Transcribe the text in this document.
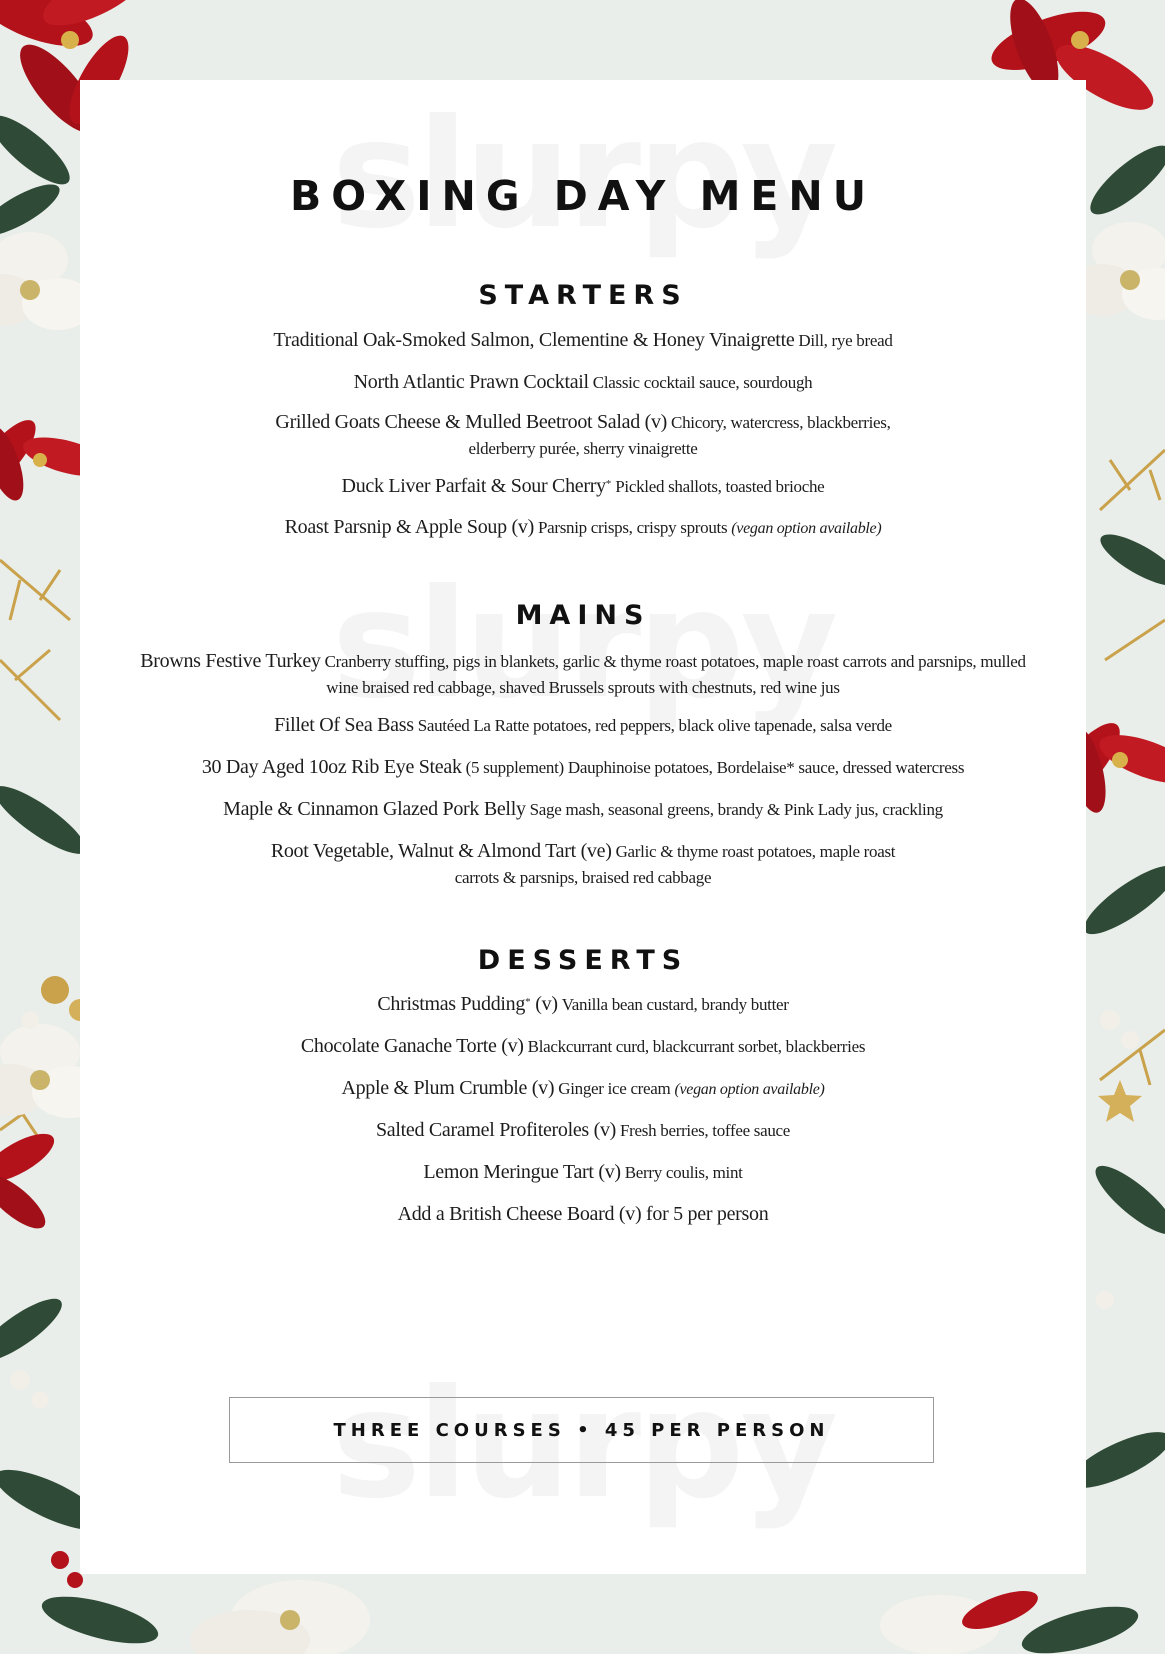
BOXING DAY MENU
STARTERS

Traditional Oak-Smoked Salmon, Clementine & Honey Vinaigrette Dill, rye bread

North Atlantic Prawn Cocktail Classic cocktail sauce, sourdough

Grilled Goats Cheese & Mulled Beetroot Salad (v) Chicory, watercress, blackberries, elderberry purée, sherry vinaigrette

Duck Liver Parfait & Sour Cherry* Pickled shallots, toasted brioche

Roast Parsnip & Apple Soup (v) Parsnip crisps, crispy sprouts (vegan option available)

MAINS

Browns Festive Turkey Cranberry stuffing, pigs in blankets, garlic & thyme roast potatoes, maple roast carrots and parsnips, mulled wine braised red cabbage, shaved Brussels sprouts with chestnuts, red wine jus

Fillet Of Sea Bass Sautéed La Ratte potatoes, red peppers, black olive tapenade, salsa verde

30 Day Aged 10oz Rib Eye Steak (5 supplement) Dauphinoise potatoes, Bordelaise* sauce, dressed watercress

Maple & Cinnamon Glazed Pork Belly Sage mash, seasonal greens, brandy & Pink Lady jus, crackling

Root Vegetable, Walnut & Almond Tart (ve) Garlic & thyme roast potatoes, maple roast carrots & parsnips, braised red cabbage

DESSERTS

Christmas Pudding* (v) Vanilla bean custard, brandy butter

Chocolate Ganache Torte (v) Blackcurrant curd, blackcurrant sorbet, blackberries

Apple & Plum Crumble (v) Ginger ice cream (vegan option available)

Salted Caramel Profiteroles (v) Fresh berries, toffee sauce

Lemon Meringue Tart (v) Berry coulis, mint

Add a British Cheese Board (v) for 5 per person

THREE COURSES • 45 PER PERSON
